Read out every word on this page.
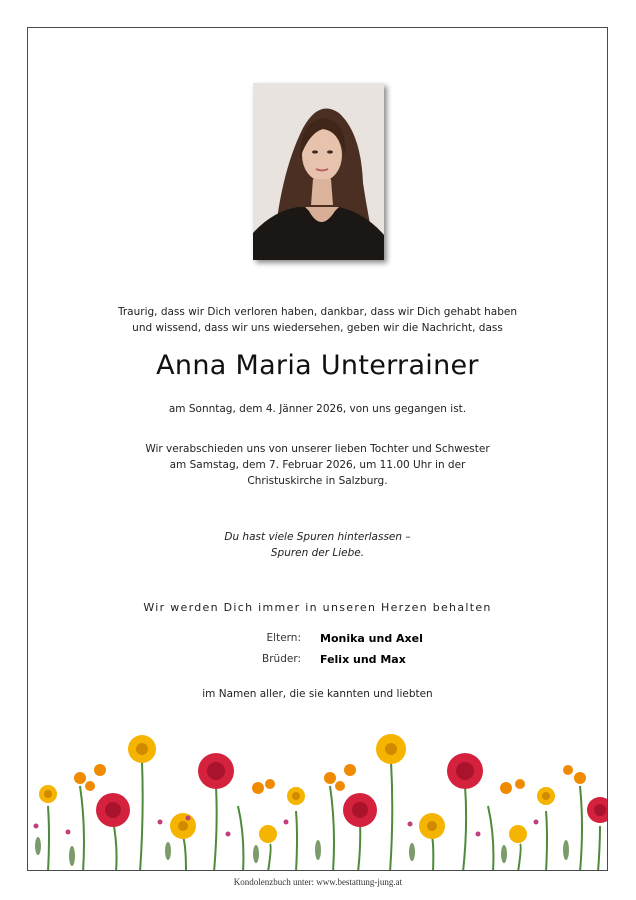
Traurig, dass wir Dich verloren haben, dankbar, dass wir Dich gehabt haben
und wissend, dass wir uns wiedersehen, geben wir die Nachricht, dass
Anna Maria Unterrainer
am Sonntag, dem 4. Jänner 2026, von uns gegangen ist.
Wir verabschieden uns von unserer lieben Tochter und Schwester
am Samstag, dem 7. Februar 2026, um 11.00 Uhr in der
Christuskirche in Salzburg.
Du hast viele Spuren hinterlassen –
Spuren der Liebe.
Wir werden Dich immer in unseren Herzen behalten
Eltern: Monika und Axel
Brüder: Felix und Max
im Namen aller, die sie kannten und liebten
Kondolenzbuch unter: www.bestattung-jung.at
